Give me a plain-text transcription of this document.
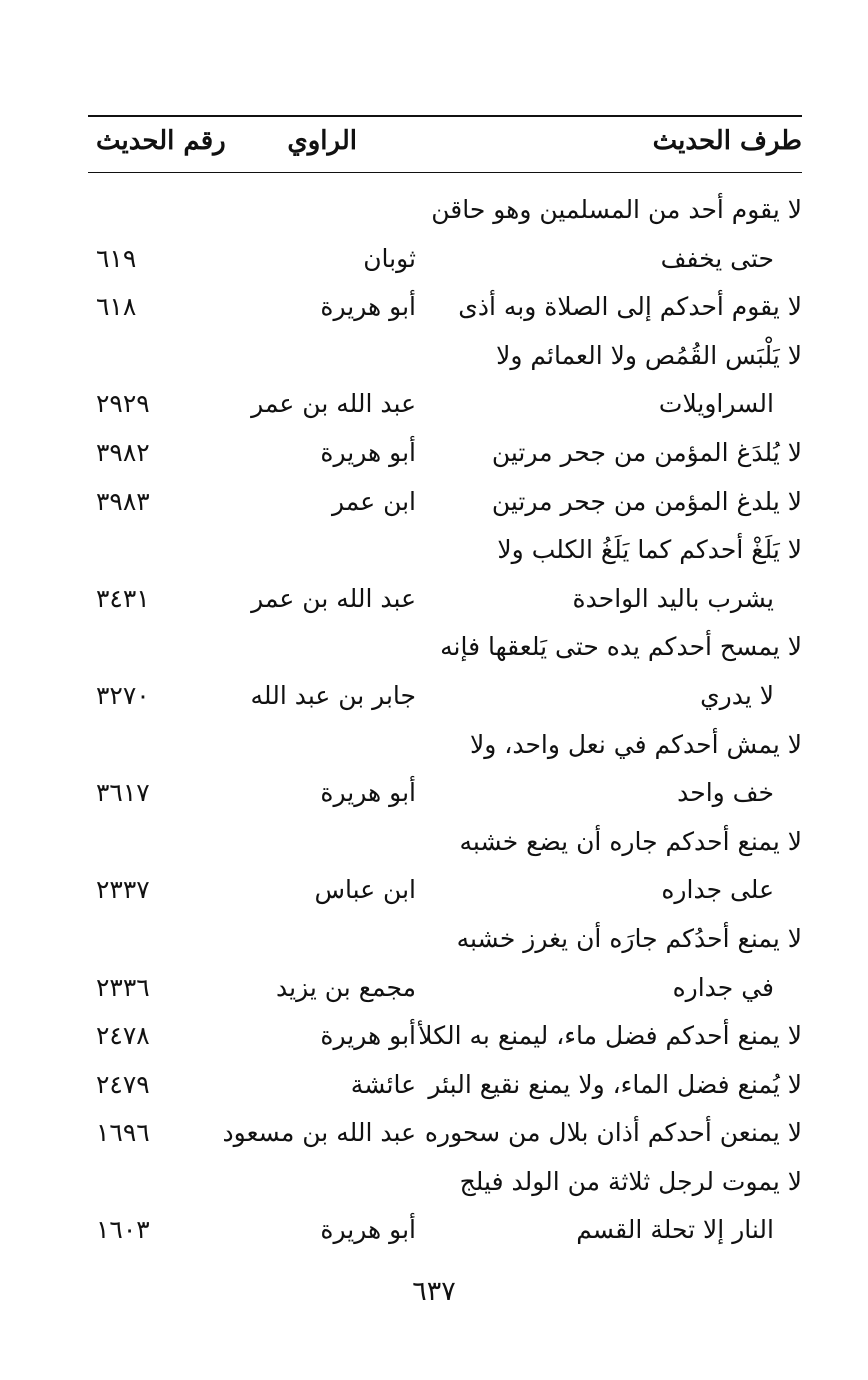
طرف الحديث
الراوي
رقم الحديث
لا يقوم أحد من المسلمين وهو حاقن
حتى يخفف
ثوبان
٦١٩
لا يقوم أحدكم إلى الصلاة وبه أذى
أبو هريرة
٦١٨
لا يَلْبَس القُمُص ولا العمائم ولا
السراويلات
عبد الله بن عمر
٢٩٢٩
لا يُلدَغ المؤمن من جحر مرتين
أبو هريرة
٣٩٨٢
لا يلدغ المؤمن من جحر مرتين
ابن عمر
٣٩٨٣
لا يَلَغْ أحدكم كما يَلَغُ الكلب ولا
يشرب باليد الواحدة
عبد الله بن عمر
٣٤٣١
لا يمسح أحدكم يده حتى يَلعقها فإنه
لا يدري
جابر بن عبد الله
٣٢٧٠
لا يمش أحدكم في نعل واحد، ولا
خف واحد
أبو هريرة
٣٦١٧
لا يمنع أحدكم جاره أن يضع خشبه
على جداره
ابن عباس
٢٣٣٧
لا يمنع أحدُكم جارَه أن يغرز خشبه
في جداره
مجمع بن يزيد
٢٣٣٦
لا يمنع أحدكم فضل ماء، ليمنع به الكلأ
أبو هريرة
٢٤٧٨
لا يُمنع فضل الماء، ولا يمنع نقيع البئر
عائشة
٢٤٧٩
لا يمنعن أحدكم أذان بلال من سحوره
عبد الله بن مسعود
١٦٩٦
لا يموت لرجل ثلاثة من الولد فيلج
النار إلا تحلة القسم
أبو هريرة
١٦٠٣
٦٣٧
